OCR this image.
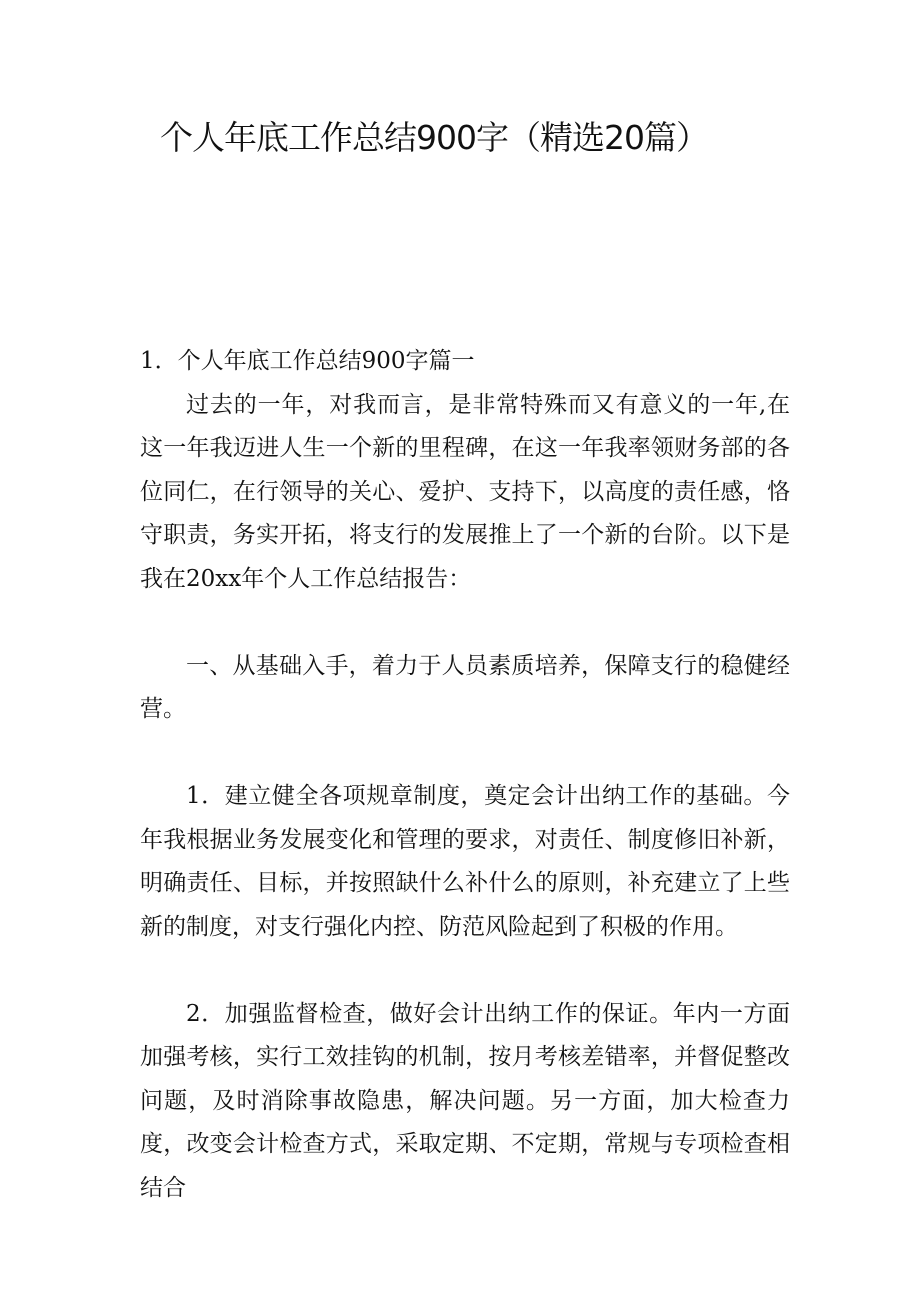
个人年底工作总结900字（精选20篇）

1．个人年底工作总结900字篇一

过去的一年，对我而言，是非常特殊而又有意义的一年,在这一年我迈进人生一个新的里程碑，在这一年我率领财务部的各位同仁，在行领导的关心、爱护、支持下，以高度的责任感，恪守职责，务实开拓，将支行的发展推上了一个新的台阶。以下是我在20xx年个人工作总结报告：

一、从基础入手，着力于人员素质培养，保障支行的稳健经营。

1．建立健全各项规章制度，奠定会计出纳工作的基础。今年我根据业务发展变化和管理的要求，对责任、制度修旧补新，明确责任、目标，并按照缺什么补什么的原则，补充建立了上些新的制度，对支行强化内控、防范风险起到了积极的作用。

2．加强监督检查，做好会计出纳工作的保证。年内一方面加强考核，实行工效挂钩的机制，按月考核差错率，并督促整改问题，及时消除事故隐患，解决问题。另一方面，加大检查力度，改变会计检查方式，采取定期、不定期，常规与专项检查相结合
